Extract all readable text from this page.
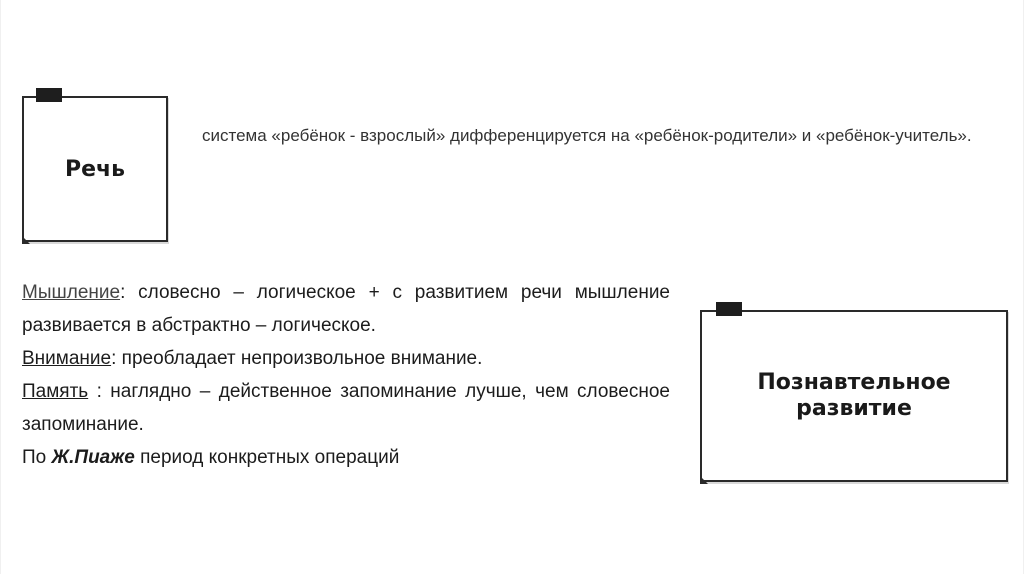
Речь
система «ребёнок - взрослый» дифференцируется на «ребёнок-родители» и «ребёнок-учитель».

Мышление: словесно – логическое + с развитием речи мышление развивается в абстрактно – логическое.

Внимание: преобладает непроизвольное внимание.

Память : наглядно – действенное запоминание лучше, чем словесное запоминание.

По Ж.Пиаже период конкретных операций

Познавтельное развитие
